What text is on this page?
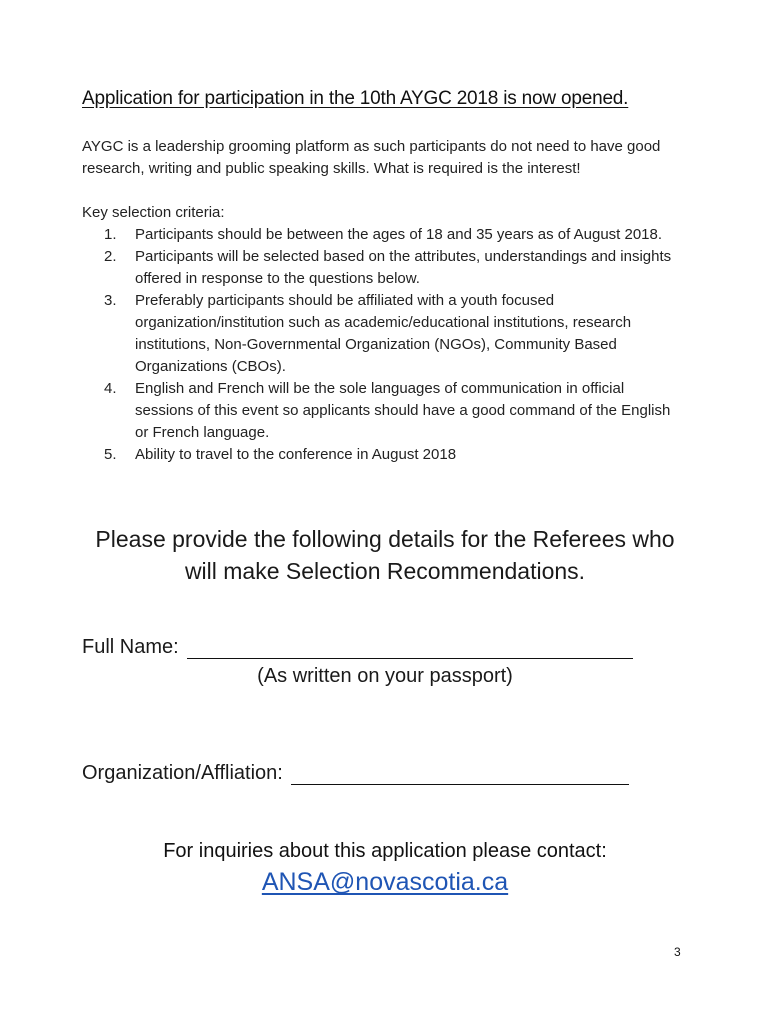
Application for participation in the 10th AYGC 2018 is now opened.
AYGC is a leadership grooming platform as such participants do not need to have good research, writing and public speaking skills. What is required is the interest!
Key selection criteria:
1. Participants should be between the ages of 18 and 35 years as of August 2018.
2. Participants will be selected based on the attributes, understandings and insights offered in response to the questions below.
3. Preferably participants should be affiliated with a youth focused organization/institution such as academic/educational institutions, research institutions, Non-Governmental Organization (NGOs), Community Based Organizations (CBOs).
4. English and French will be the sole languages of communication in official sessions of this event so applicants should have a good command of the English or French language.
5. Ability to travel to the conference in August 2018
Please provide the following details for the Referees who will make Selection Recommendations.
Full Name:
(As written on your passport)
Organization/Affliation:
For inquiries about this application please contact:
ANSA@novascotia.ca
3
